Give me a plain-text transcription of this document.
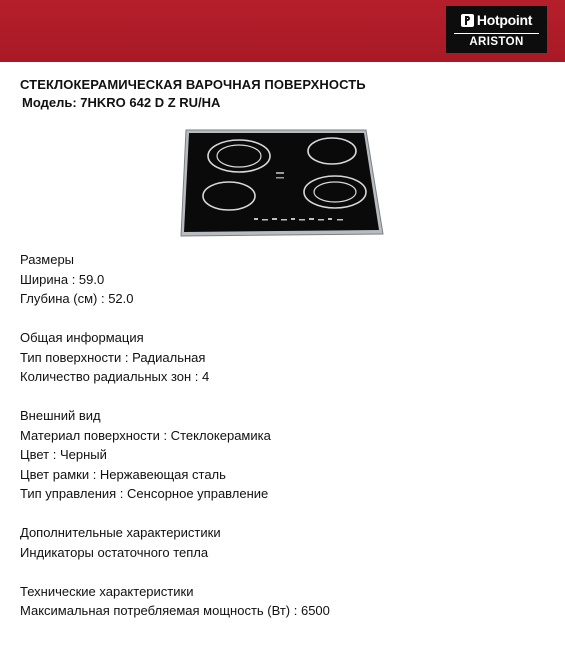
Hotpoint
ARISTON
СТЕКЛОКЕРАМИЧЕСКАЯ ВАРОЧНАЯ ПОВЕРХНОСТЬ
Модель: 7HKRO 642 D Z RU/HA
Размеры
Ширина : 59.0
Глубина (см) : 52.0
Общая информация
Тип поверхности : Радиальная
Количество радиальных зон : 4
Внешний вид
Материал поверхности : Стеклокерамика
Цвет : Черный
Цвет рамки : Нержавеющая сталь
Тип управления : Сенсорное управление
Дополнительные характеристики
Индикаторы остаточного тепла
Технические характеристики
Максимальная потребляемая мощность (Вт) : 6500
